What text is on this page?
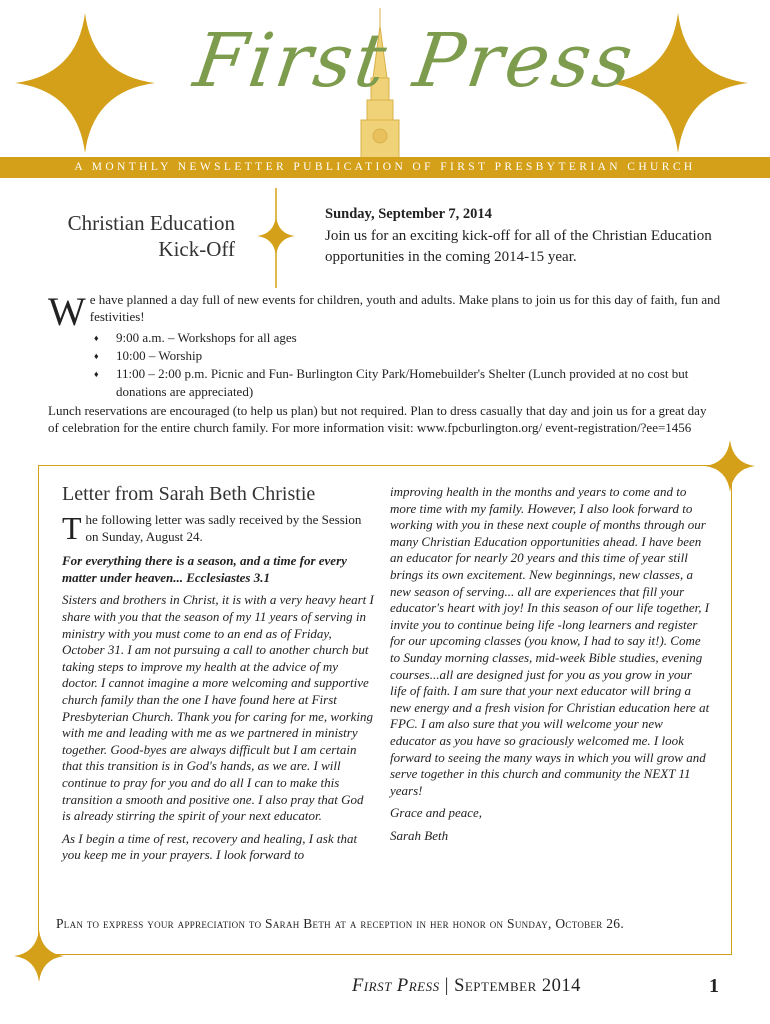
First Press
A MONTHLY NEWSLETTER PUBLICATION OF FIRST PRESBYTERIAN CHURCH
Christian Education
Kick-Off
Sunday, September 7, 2014
Join us for an exciting kick-off for all of the Christian Education opportunities in the coming 2014-15 year.
W e have planned a day full of new events for children, youth and adults. Make plans to join us for this day of faith, fun and festivities!
♦ 9:00 a.m. – Workshops for all ages
♦ 10:00 – Worship
♦ 11:00 – 2:00 p.m. Picnic and Fun- Burlington City Park/Homebuilder's Shelter (Lunch provided at no cost but donations are appreciated)
Lunch reservations are encouraged (to help us plan) but not required. Plan to dress casually that day and join us for a great day of celebration for the entire church family. For more information visit: www.fpcburlington.org/ event-registration/?ee=1456
Letter from Sarah Beth Christie

The following letter was sadly received by the Session on Sunday, August 24.

For everything there is a season, and a time for every matter under heaven... Ecclesiastes 3.1

Sisters and brothers in Christ, it is with a very heavy heart I share with you that the season of my 11 years of serving in ministry with you must come to an end as of Friday, October 31. I am not pursuing a call to another church but taking steps to improve my health at the advice of my doctor. I cannot imagine a more welcoming and supportive church family than the one I have found here at First Presbyterian Church. Thank you for caring for me, working with me and leading with me as we partnered in ministry together. Good-byes are always difficult but I am certain that this transition is in God's hands, as we are. I will continue to pray for you and do all I can to make this transition a smooth and positive one. I also pray that God is already stirring the spirit of your next educator.

As I begin a time of rest, recovery and healing, I ask that you keep me in your prayers. I look forward to

improving health in the months and years to come and to more time with my family. However, I also look forward to working with you in these next couple of months through our many Christian Education opportunities ahead. I have been an educator for nearly 20 years and this time of year still brings its own excitement. New beginnings, new classes, a new season of serving... all are experiences that fill your educator's heart with joy! In this season of our life together, I invite you to continue being life -long learners and register for our upcoming classes (you know, I had to say it!). Come to Sunday morning classes, mid-week Bible studies, evening courses...all are designed just for you as you grow in your life of faith. I am sure that your next educator will bring a new energy and a fresh vision for Christian education here at FPC. I am also sure that you will welcome your new educator as you have so graciously welcomed me. I look forward to seeing the many ways in which you will grow and serve together in this church and community the NEXT 11 years!

Grace and peace,

Sarah Beth

Plan to express your appreciation to Sarah Beth at a reception in her honor on Sunday, October 26.
First Press | September 2014	1
